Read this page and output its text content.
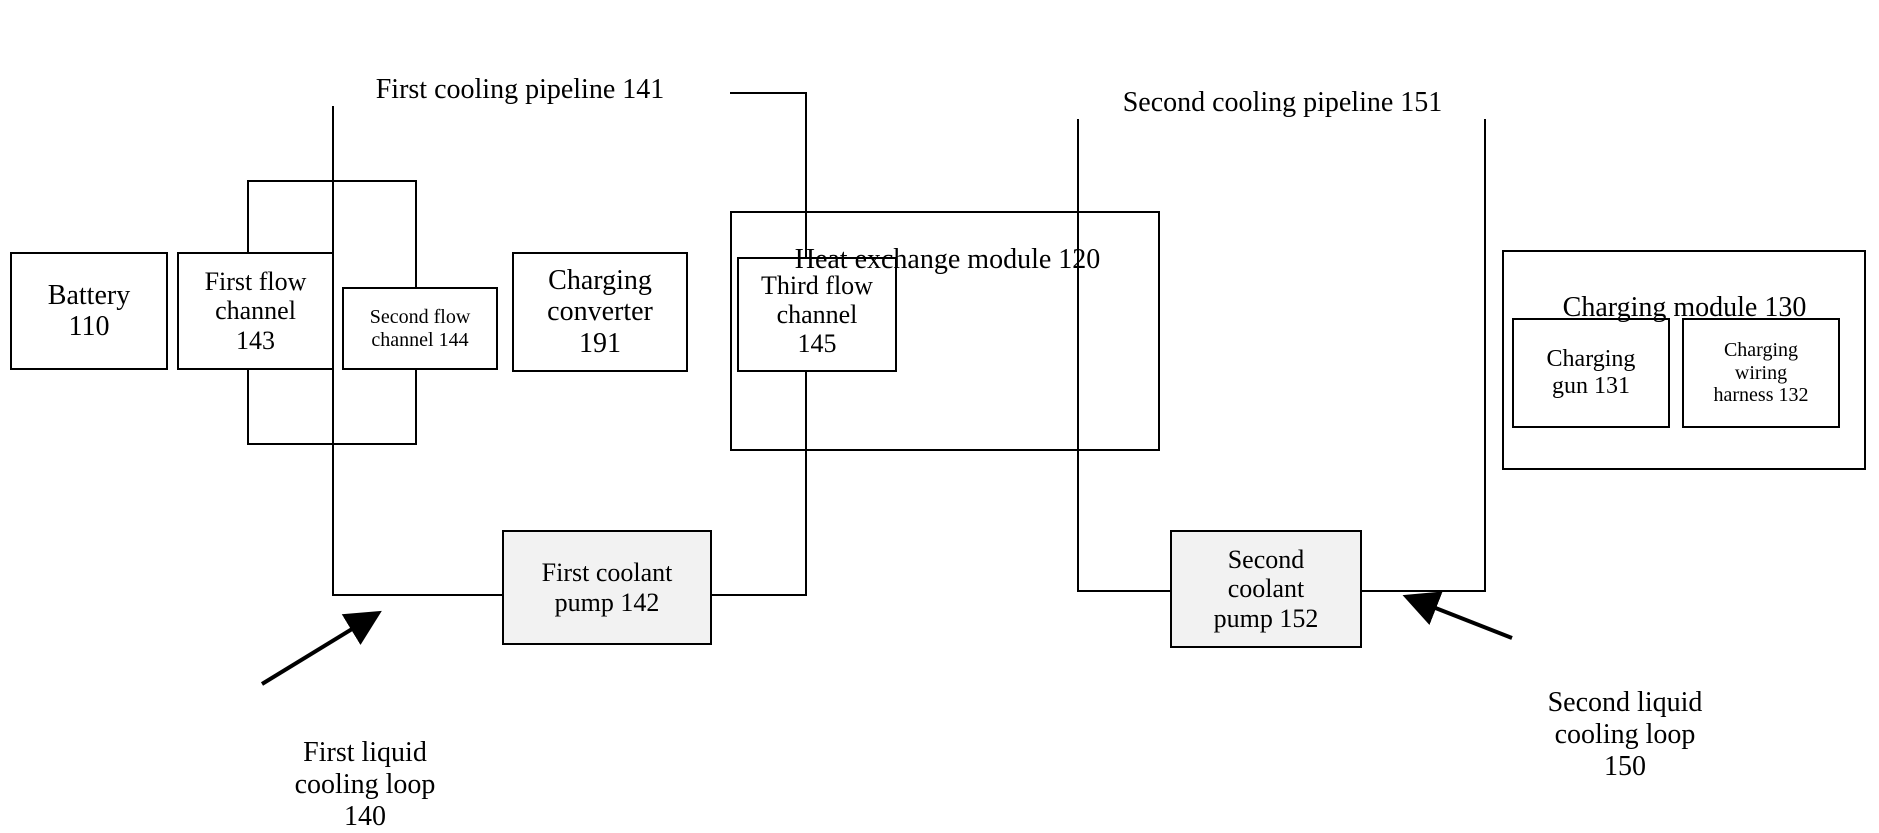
Battery
110
First flow
channel
143
Second flow
channel 144
Charging
converter
191
Third flow
channel
145
First coolant
pump 142
Second
coolant
pump 152
Charging
gun 131
Charging
wiring
harness 132

First cooling pipeline 141	Second cooling pipeline 151

Heat exchange module 120

Charging module 130

First liquid
cooling loop
140

Second liquid
cooling loop
150
